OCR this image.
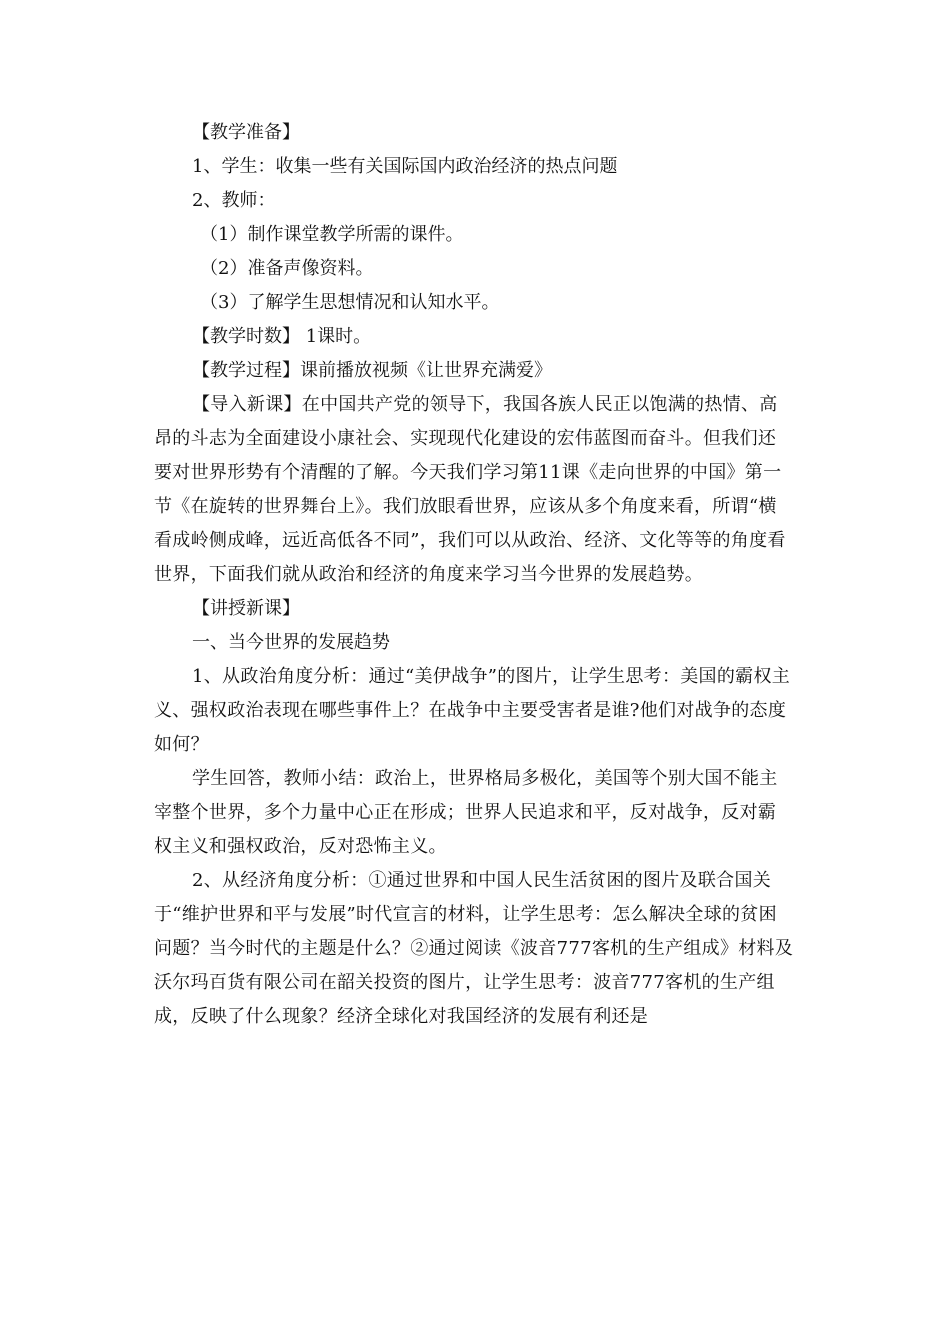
【教学准备】

1、学生：收集一些有关国际国内政治经济的热点问题

2、教师：

（1）制作课堂教学所需的课件。

（2）准备声像资料。

（3）了解学生思想情况和认知水平。

【教学时数】 1课时。

【教学过程】课前播放视频《让世界充满爱》

【导入新课】在中国共产党的领导下，我国各族人民正以饱满的热情、高昂的斗志为全面建设小康社会、实现现代化建设的宏伟蓝图而奋斗。但我们还要对世界形势有个清醒的了解。今天我们学习第11课《走向世界的中国》第一节《在旋转的世界舞台上》。我们放眼看世界，应该从多个角度来看，所谓“横看成岭侧成峰，远近高低各不同”，我们可以从政治、经济、文化等等的角度看世界，下面我们就从政治和经济的角度来学习当今世界的发展趋势。

【讲授新课】

一、当今世界的发展趋势

1、从政治角度分析：通过“美伊战争”的图片，让学生思考：美国的霸权主义、强权政治表现在哪些事件上？在战争中主要受害者是谁?他们对战争的态度如何？

学生回答，教师小结：政治上，世界格局多极化，美国等个别大国不能主宰整个世界，多个力量中心正在形成；世界人民追求和平，反对战争，反对霸权主义和强权政治，反对恐怖主义。

2、从经济角度分析：①通过世界和中国人民生活贫困的图片及联合国关于“维护世界和平与发展”时代宣言的材料，让学生思考：怎么解决全球的贫困问题？当今时代的主题是什么？②通过阅读《波音777客机的生产组成》材料及沃尔玛百货有限公司在韶关投资的图片，让学生思考：波音777客机的生产组成，反映了什么现象？经济全球化对我国经济的发展有利还是
